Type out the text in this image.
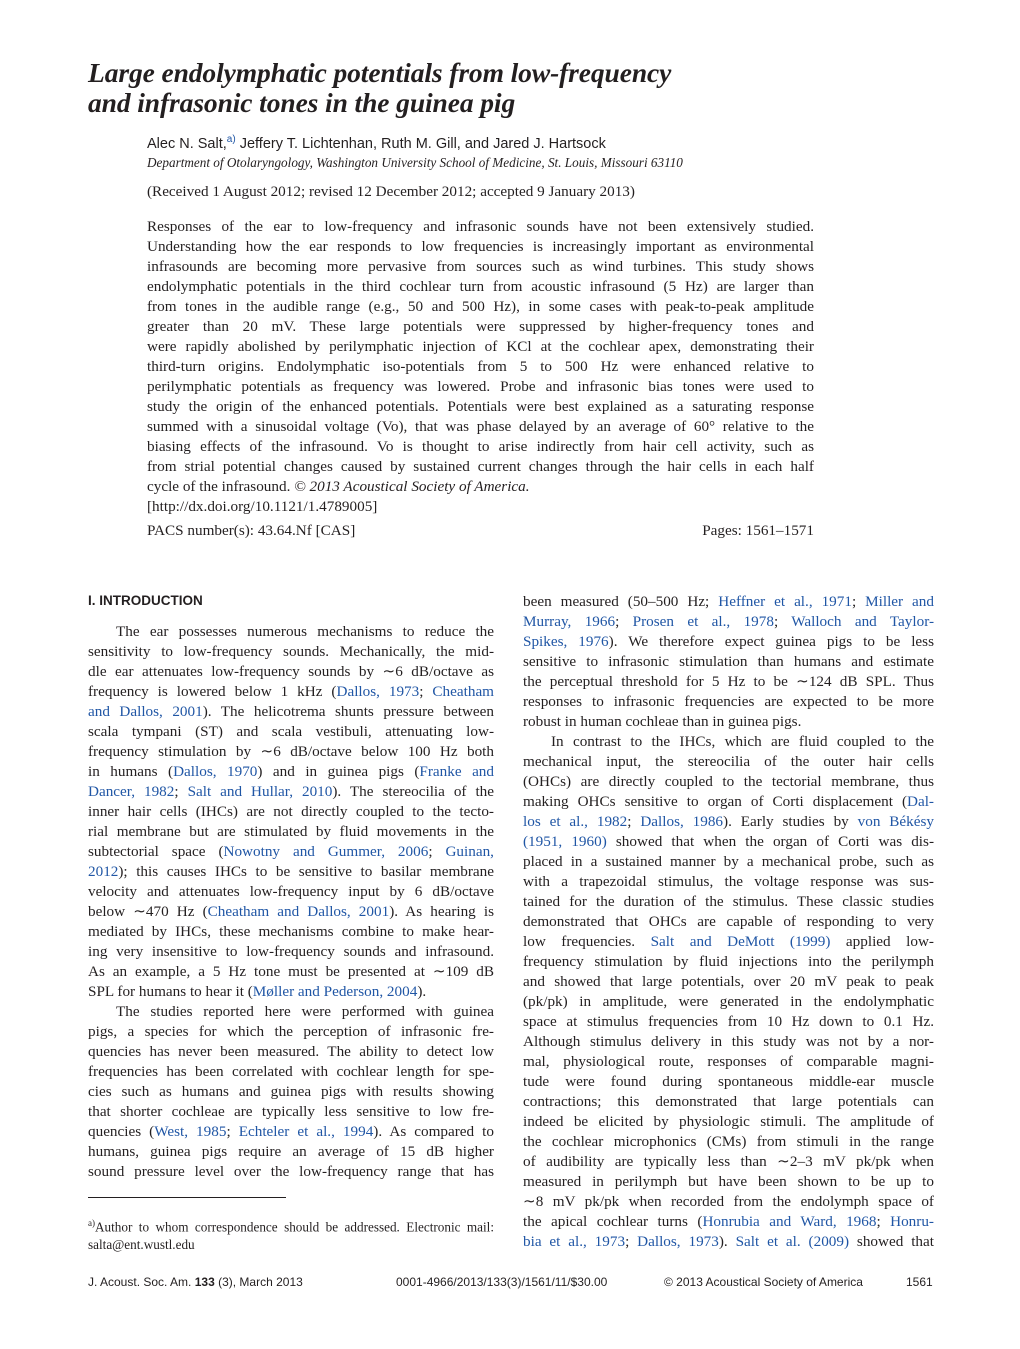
Large endolymphatic potentials from low-frequency
and infrasonic tones in the guinea pig
Alec N. Salt,$^{a)}$ Jeffery T. Lichtenhan, Ruth M. Gill, and Jared J. Hartsock
Department of Otolaryngology, Washington University School of Medicine, St. Louis, Missouri 63110
(Received 1 August 2012; revised 12 December 2012; accepted 9 January 2013)
Responses of the ear to low-frequency and infrasonic sounds have not been extensively studied.
Understanding how the ear responds to low frequencies is increasingly important as environmental
infrasounds are becoming more pervasive from sources such as wind turbines. This study shows
endolymphatic potentials in the third cochlear turn from acoustic infrasound (5 Hz) are larger than
from tones in the audible range (e.g., 50 and 500 Hz), in some cases with peak-to-peak amplitude
greater than 20 mV. These large potentials were suppressed by higher-frequency tones and
were rapidly abolished by perilymphatic injection of KCl at the cochlear apex, demonstrating their
third-turn origins. Endolymphatic iso-potentials from 5 to 500 Hz were enhanced relative to
perilymphatic potentials as frequency was lowered. Probe and infrasonic bias tones were used to
study the origin of the enhanced potentials. Potentials were best explained as a saturating response
summed with a sinusoidal voltage (Vo), that was phase delayed by an average of 60° relative to the
biasing effects of the infrasound. Vo is thought to arise indirectly from hair cell activity, such as
from strial potential changes caused by sustained current changes through the hair cells in each half
cycle of the infrasound. © 2013 Acoustical Society of America.
[http://dx.doi.org/10.1121/1.4789005]
PACS number(s): 43.64.Nf [CAS]	Pages: 1561–1571
I. INTRODUCTION
The ear possesses numerous mechanisms to reduce the
sensitivity to low-frequency sounds. Mechanically, the mid-
dle ear attenuates low-frequency sounds by ∼6 dB/octave as
frequency is lowered below 1 kHz (Dallos, 1973; Cheatham
and Dallos, 2001). The helicotrema shunts pressure between
scala tympani (ST) and scala vestibuli, attenuating low-
frequency stimulation by ∼6 dB/octave below 100 Hz both
in humans (Dallos, 1970) and in guinea pigs (Franke and
Dancer, 1982; Salt and Hullar, 2010). The stereocilia of the
inner hair cells (IHCs) are not directly coupled to the tecto-
rial membrane but are stimulated by fluid movements in the
subtectorial space (Nowotny and Gummer, 2006; Guinan,
2012); this causes IHCs to be sensitive to basilar membrane
velocity and attenuates low-frequency input by 6 dB/octave
below ∼470 Hz (Cheatham and Dallos, 2001). As hearing is
mediated by IHCs, these mechanisms combine to make hear-
ing very insensitive to low-frequency sounds and infrasound.
As an example, a 5 Hz tone must be presented at ∼109 dB
SPL for humans to hear it (Møller and Pederson, 2004).
The studies reported here were performed with guinea
pigs, a species for which the perception of infrasonic fre-
quencies has never been measured. The ability to detect low
frequencies has been correlated with cochlear length for spe-
cies such as humans and guinea pigs with results showing
that shorter cochleae are typically less sensitive to low fre-
quencies (West, 1985; Echteler et al., 1994). As compared to
humans, guinea pigs require an average of 15 dB higher
sound pressure level over the low-frequency range that has
been measured (50–500 Hz; Heffner et al., 1971; Miller and
Murray, 1966; Prosen et al., 1978; Walloch and Taylor-
Spikes, 1976). We therefore expect guinea pigs to be less
sensitive to infrasonic stimulation than humans and estimate
the perceptual threshold for 5 Hz to be ∼124 dB SPL. Thus
responses to infrasonic frequencies are expected to be more
robust in human cochleae than in guinea pigs.
In contrast to the IHCs, which are fluid coupled to the
mechanical input, the stereocilia of the outer hair cells
(OHCs) are directly coupled to the tectorial membrane, thus
making OHCs sensitive to organ of Corti displacement (Dal-
los et al., 1982; Dallos, 1986). Early studies by von Békésy
(1951, 1960) showed that when the organ of Corti was dis-
placed in a sustained manner by a mechanical probe, such as
with a trapezoidal stimulus, the voltage response was sus-
tained for the duration of the stimulus. These classic studies
demonstrated that OHCs are capable of responding to very
low frequencies. Salt and DeMott (1999) applied low-
frequency stimulation by fluid injections into the perilymph
and showed that large potentials, over 20 mV peak to peak
(pk/pk) in amplitude, were generated in the endolymphatic
space at stimulus frequencies from 10 Hz down to 0.1 Hz.
Although stimulus delivery in this study was not by a nor-
mal, physiological route, responses of comparable magni-
tude were found during spontaneous middle-ear muscle
contractions; this demonstrated that large potentials can
indeed be elicited by physiologic stimuli. The amplitude of
the cochlear microphonics (CMs) from stimuli in the range
of audibility are typically less than ∼2–3 mV pk/pk when
measured in perilymph but have been shown to be up to
∼8 mV pk/pk when recorded from the endolymph space of
the apical cochlear turns (Honrubia and Ward, 1968; Honru-
bia et al., 1973; Dallos, 1973). Salt et al. (2009) showed that
$^{a)}$Author to whom correspondence should be addressed. Electronic mail:
salta@ent.wustl.edu
J. Acoust. Soc. Am. 133 (3), March 2013	0001-4966/2013/133(3)/1561/11/$30.00	© 2013 Acoustical Society of America	1561
